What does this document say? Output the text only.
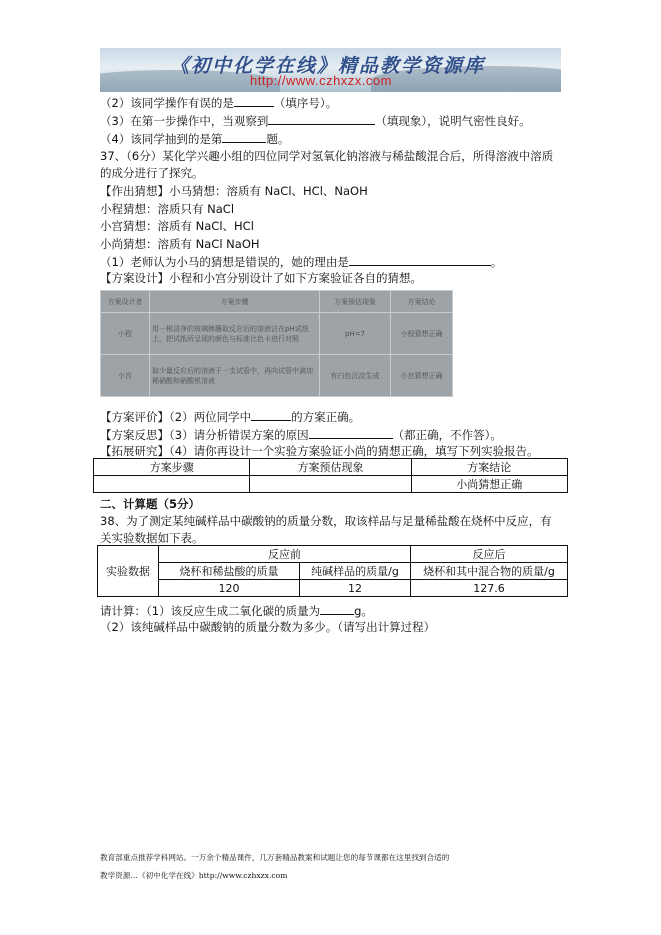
《初中化学在线》精品教学资源库
http://www.czhxzx.com
（2）该同学操作有误的是	（填序号）。
（3）在第一步操作中，当观察到	（填现象），说明气密性良好。
（4）该同学抽到的是第	题。
37、（6分）某化学兴趣小组的四位同学对氢氧化钠溶液与稀盐酸混合后，所得溶液中溶质
的成分进行了探究。
【作出猜想】小马猜想：溶质有 NaCl、HCl、NaOH
小程猜想：溶质只有 NaCl
小宫猜想：溶质有 NaCl、HCl
小尚猜想：溶质有 NaCl NaOH
（1）老师认为小马的猜想是错误的，她的理由是	。
【方案设计】小程和小宫分别设计了如下方案验证各自的猜想。
方案设计者	方案步骤	方案预估现象	方案结论
小程	用一根洁净的玻璃棒蘸取反应后的溶液沾在pH试纸上，把试纸所呈现的颜色与标准比色卡进行对照	pH=7	小程猜想正确
小宫	取少量反应后的溶液于一支试管中，再向试管中滴加稀硝酸和硝酸银溶液	有白色沉淀生成	小宫猜想正确
【方案评价】（2）两位同学中	的方案正确。
【方案反思】（3）请分析错误方案的原因	（都正确，不作答）。
【拓展研究】（4）请你再设计一个实验方案验证小尚的猜想正确，填写下列实验报告。
方案步骤	方案预估现象	方案结论
		小尚猜想正确
二、计算题（5分）
38、为了测定某纯碱样品中碳酸钠的质量分数，取该样品与足量稀盐酸在烧杯中反应，有
关实验数据如下表。
实验数据	反应前		反应后
	烧杯和稀盐酸的质量	纯碱样品的质量/g	烧杯和其中混合物的质量/g
	120	12	127.6
请计算：（1）该反应生成二氧化碳的质量为	g。
（2）该纯碱样品中碳酸钠的质量分数为多少。（请写出计算过程）
教育部重点推荐学科网站。一万余个精品课件，几万套精品教案和试题让您的每节课都在这里找到合适的
教学资源…《初中化学在线》http://www.czhxzx.com
